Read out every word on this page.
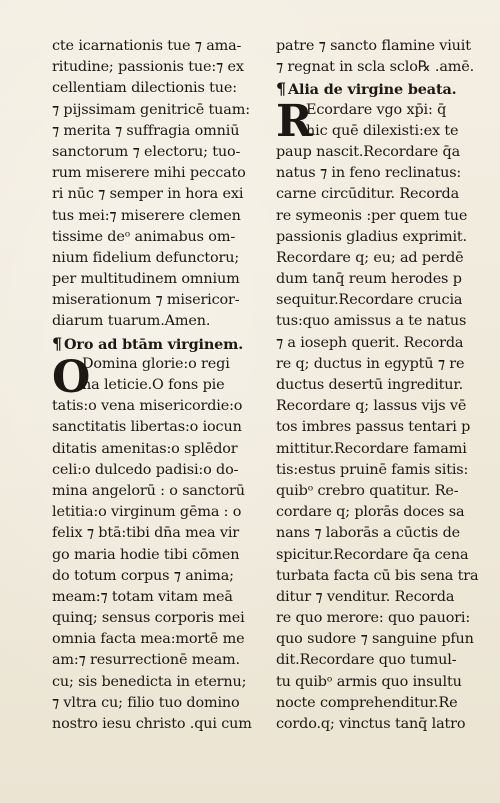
cte icarnationis tue ⁊ ama-
ritudine; passionis tue:⁊ ex
cellentiam dilectionis tue:
⁊ pijssimam genitricē tuam:
⁊ merita ⁊ suffragia omniū
sanctorum ⁊ electoru; tuo-
rum miserere mihi peccato
ri nūc ⁊ semper in hora exi
tus mei:⁊ miserere clemen
tissime deᵒ animabus om-
nium fidelium defunctoru;
per multitudinem omnium
miserationum ⁊ misericor-
diarum tuarum.Amen.
¶ Oro ad btām virginem.
O
Domina glorie:o regi
na leticie.O fons pie
tatis:o vena misericordie:o
sanctitatis libertas:o iocun
ditatis amenitas:o splēdor
celi:o dulcedo padisi:o do-
mina angelorū : o sanctorū
letitia:o virginum gēma : o
felix ⁊ btā:tibi dn̄a mea vir
go maria hodie tibi cōmen
do totum corpus ⁊ anima;
meam:⁊ totam vitam meā
quinq; sensus corporis mei
omnia facta mea:mortē me
am:⁊ resurrectionē meam.
cu; sis benedicta in eternu;
⁊ vltra cu; filio tuo domino
nostro iesu christo .qui cum
patre ⁊ sancto flamine viuit
⁊ regnat in scla sclo℞ .amē.
¶ Alia de virgine beata.
R
Ecordare vgo xp̄i: q̄
hic quē dilexisti:ex te
paup nascit.Recordare q̄a
natus ⁊ in feno reclinatus:
carne circūditur. Recorda
re symeonis :per quem tue
passionis gladius exprimit.
Recordare q; eu; ad perdē
dum tanq̄ reum herodes p
sequitur.Recordare crucia
tus:quo amissus a te natus
⁊ a ioseph querit. Recorda
re q; ductus in egyptū ⁊ re
ductus desertū ingreditur.
Recordare q; lassus vijs vē
tos imbres passus tentari p
mittitur.Recordare famami
tis:estus pruinē famis sitis:
quibᵒ crebro quatitur. Re-
cordare q; plorās doces sa
nans ⁊ laborās a cūctis de
spicitur.Recordare q̄a cena
turbata facta cū bis sena tra
ditur ⁊ venditur. Recorda
re quo merore: quo pauori:
quo sudore ⁊ sanguine pfun
dit.Recordare quo tumul-
tu quibᵒ armis quo insultu
nocte comprehenditur.Re
cordo.q; vinctus tanq̄ latro
